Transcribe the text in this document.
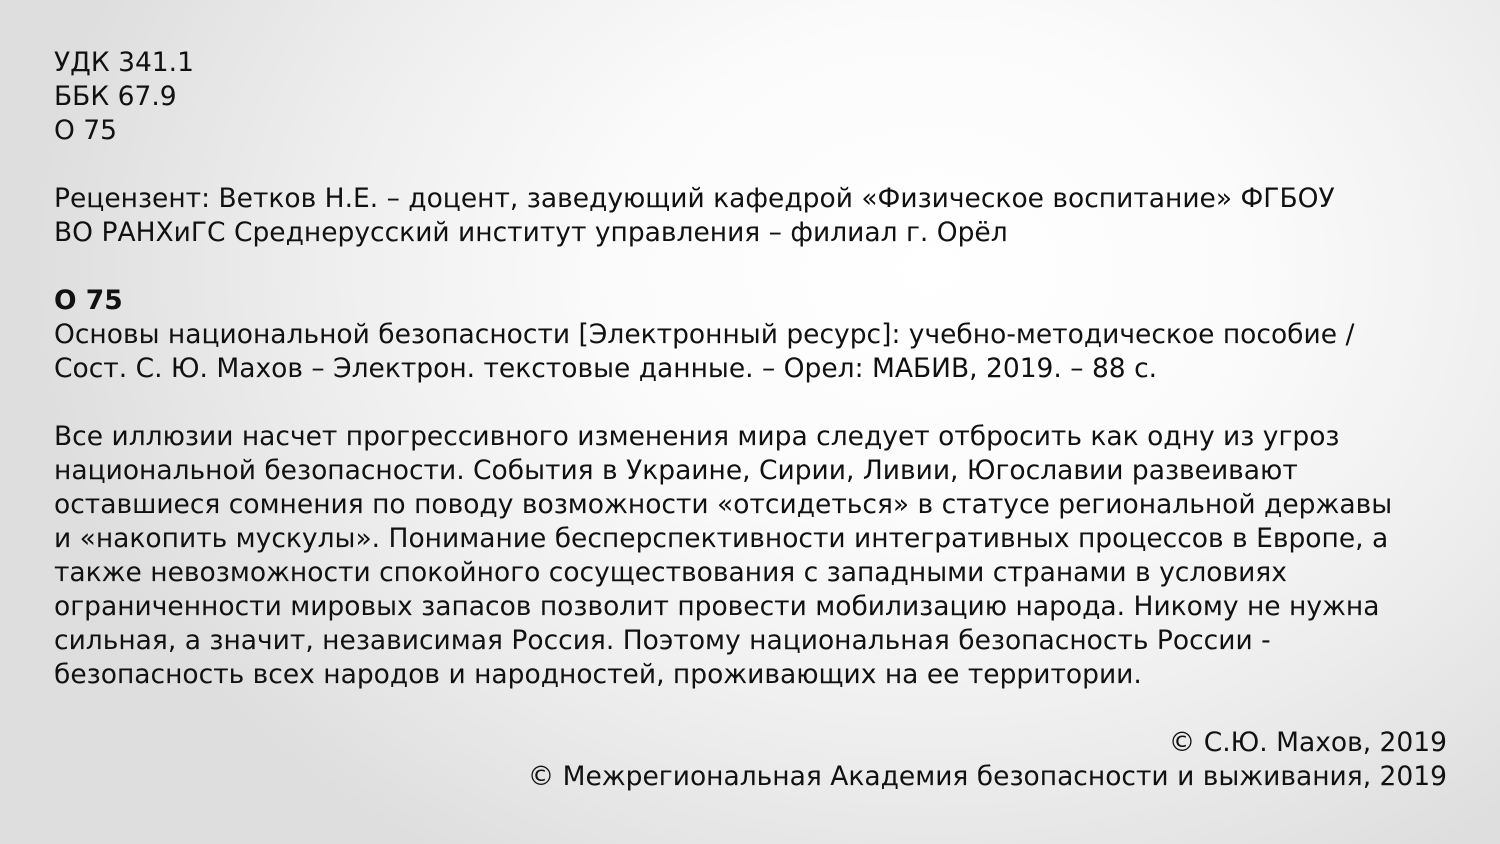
УДК 341.1
ББК 67.9
О 75
Рецензент: Ветков Н.Е. – доцент, заведующий кафедрой «Физическое воспитание» ФГБОУ
ВО РАНХиГС Среднерусский институт управления – филиал г. Орёл
О 75
Основы национальной безопасности [Электронный ресурс]: учебно-методическое пособие /
Сост. С. Ю. Махов – Электрон. текстовые данные. – Орел: МАБИВ, 2019. – 88 с.
Все иллюзии насчет прогрессивного изменения мира следует отбросить как одну из угроз
национальной безопасности. События в Украине, Сирии, Ливии, Югославии развеивают
оставшиеся сомнения по поводу возможности «отсидеться» в статусе региональной державы
и «накопить мускулы». Понимание бесперспективности интегративных процессов в Европе, а
также невозможности спокойного сосуществования с западными странами в условиях
ограниченности мировых запасов позволит провести мобилизацию народа. Никому не нужна
сильная, а значит, независимая Россия. Поэтому национальная безопасность России -
безопасность всех народов и народностей, проживающих на ее территории.
© С.Ю. Махов, 2019
© Межрегиональная Академия безопасности и выживания, 2019
